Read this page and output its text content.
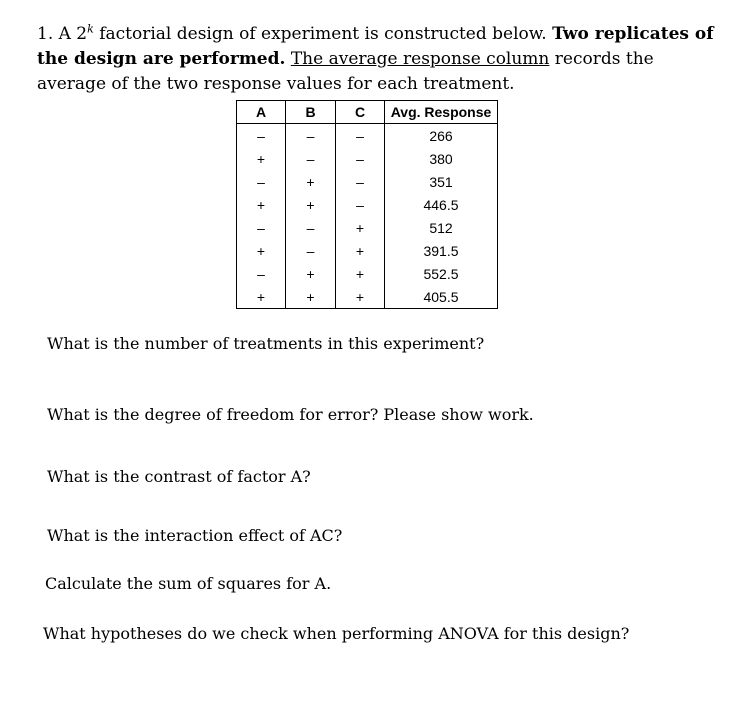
1. A 2$^k$ factorial design of experiment is constructed below. Two replicates of the design are performed. The average response column records the average of the two response values for each treatment.
A	B	C	Avg. Response
–	–	–	266
+	–	–	380
–	+	–	351
+	+	–	446.5
–	–	+	512
+	–	+	391.5
–	+	+	552.5
+	+	+	405.5
What is the number of treatments in this experiment?
What is the degree of freedom for error? Please show work.
What is the contrast of factor A?
What is the interaction effect of AC?
Calculate the sum of squares for A.
What hypotheses do we check when performing ANOVA for this design?
